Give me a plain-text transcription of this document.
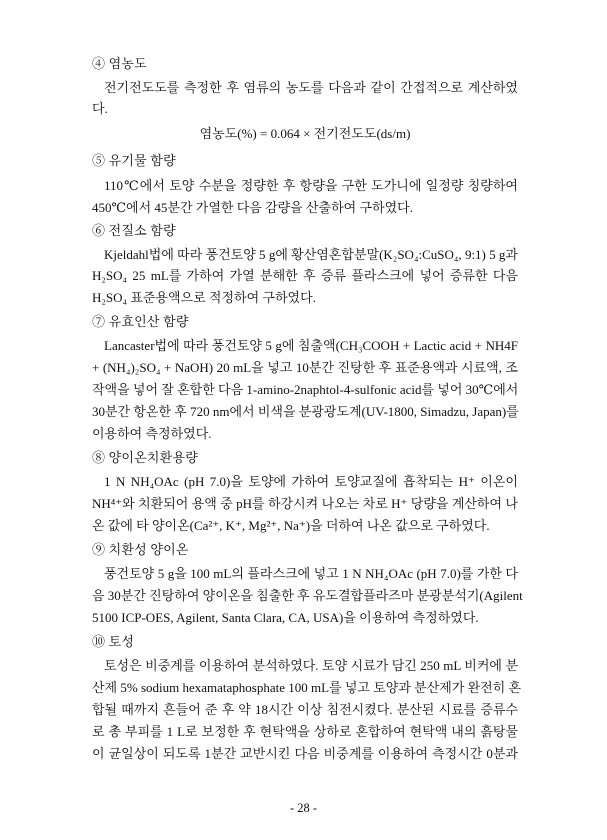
④ 염농도
전기전도도를 측정한 후 염류의 농도를 다음과 같이 간접적으로 계산하였
다.
염농도(%) = 0.064 × 전기전도도(ds/m)
⑤ 유기물 함량
110℃에서 토양 수분을 정량한 후 항량을 구한 도가니에 일정량 칭량하여
450℃에서 45분간 가열한 다음 감량을 산출하여 구하였다.
⑥ 전질소 함량
Kjeldahl법에 따라 풍건토양 5 g에 황산염혼합분말(K₂SO₄:CuSO₄, 9:1) 5 g과
H₂SO₄ 25 mL를 가하여 가열 분해한 후 증류 플라스크에 넣어 증류한 다음
H₂SO₄ 표준용액으로 적정하여 구하였다.
⑦ 유효인산 함량
Lancaster법에 따라 풍건토양 5 g에 침출액(CH₃COOH + Lactic acid + NH4F
+ (NH₄)₂SO₄ + NaOH) 20 mL을 넣고 10분간 진탕한 후 표준용액과 시료액, 조
작액을 넣어 잘 혼합한 다음 1-amino-2naphtol-4-sulfonic acid를 넣어 30℃에서
30분간 항온한 후 720 nm에서 비색을 분광광도계(UV-1800, Simadzu, Japan)를
이용하여 측정하였다.
⑧ 양이온치환용량
1 N NH₄OAc (pH 7.0)을 토양에 가하여 토양교질에 흡착되는 H⁺ 이온이
NH⁴⁺와 치환되어 용액 중 pH를 하강시켜 나오는 차로 H⁺ 당량을 계산하여 나
온 값에 타 양이온(Ca²⁺, K⁺, Mg²⁺, Na⁺)을 더하여 나온 값으로 구하였다.
⑨ 치환성 양이온
풍건토양 5 g을 100 mL의 플라스크에 넣고 1 N NH₄OAc (pH 7.0)를 가한 다
음 30분간 진탕하여 양이온을 침출한 후 유도결합플라즈마 분광분석기(Agilent
5100 ICP-OES, Agilent, Santa Clara, CA, USA)을 이용하여 측정하였다.
⑩ 토성
토성은 비중계를 이용하여 분석하였다. 토양 시료가 담긴 250 mL 비커에 분
산제 5% sodium hexamataphosphate 100 mL를 넣고 토양과 분산제가 완전히 혼
합될 때까지 흔들어 준 후 약 18시간 이상 침전시켰다. 분산된 시료를 증류수
로 총 부피를 1 L로 보정한 후 현탁액을 상하로 혼합하여 현탁액 내의 흙탕물
이 균일상이 되도록 1분간 교반시킨 다음 비중계를 이용하여 측정시간 0분과
- 28 -
